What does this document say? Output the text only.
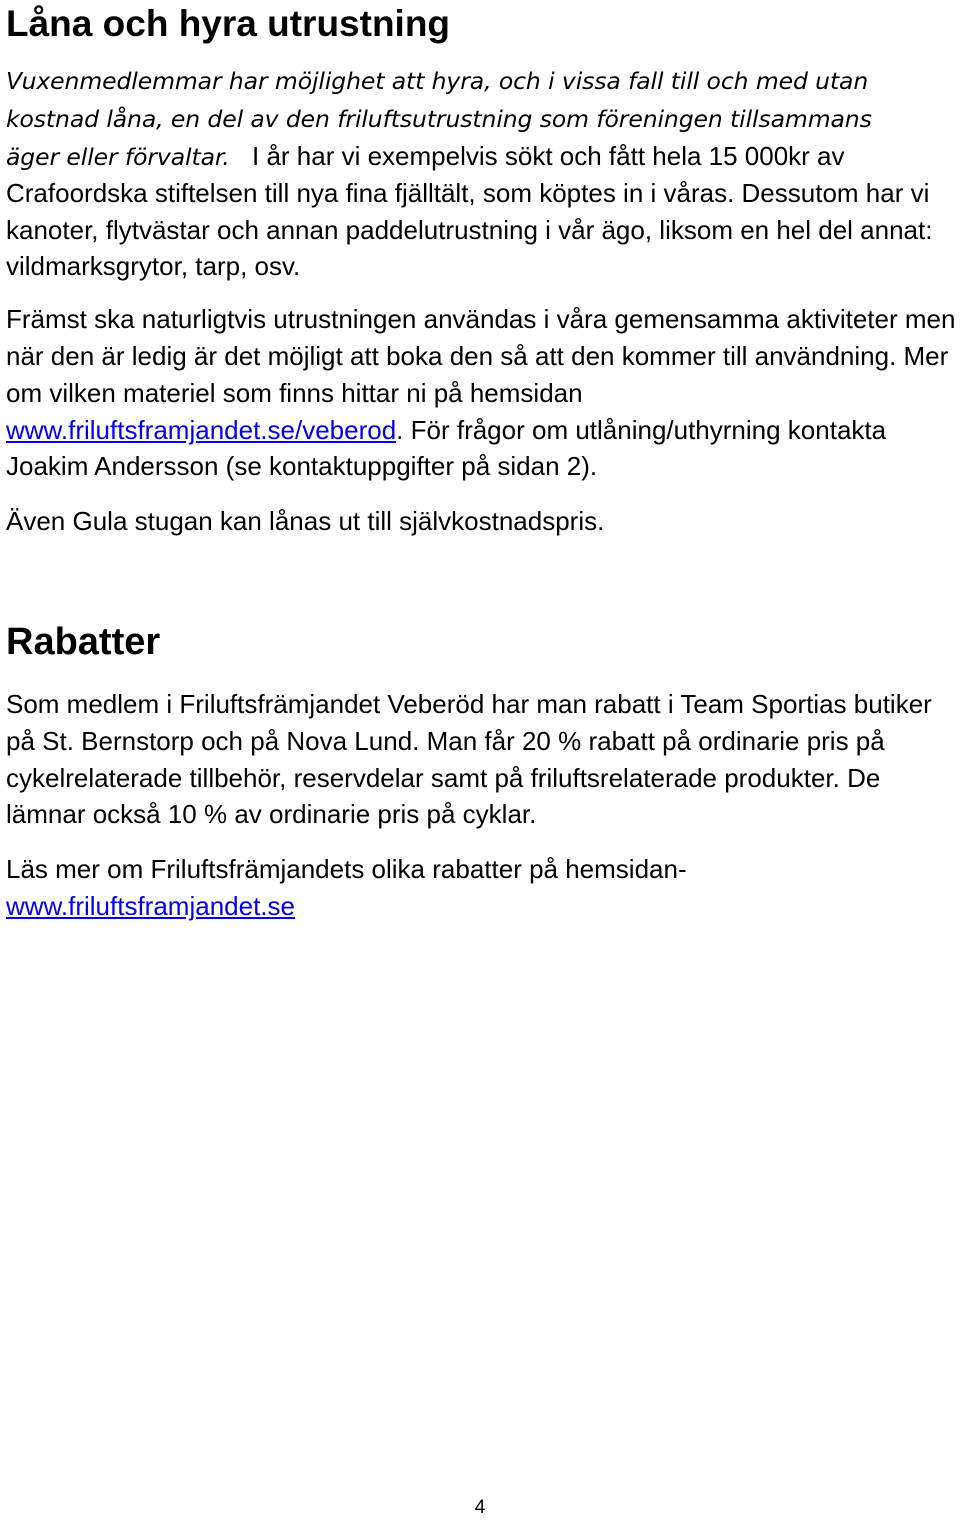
Låna och hyra utrustning
Vuxenmedlemmar har möjlighet att hyra, och i vissa fall till och med utan
kostnad låna, en del av den friluftsutrustning som föreningen tillsammans
äger eller förvaltar. I år har vi exempelvis sökt och fått hela 15 000kr av Crafoordska stiftelsen till nya fina fjälltält, som köptes in i våras. Dessutom har vi kanoter, flytvästar och annan paddelutrustning i vår ägo, liksom en hel del annat: vildmarksgrytor, tarp, osv.

Främst ska naturligtvis utrustningen användas i våra gemensamma aktiviteter men när den är ledig är det möjligt att boka den så att den kommer till användning. Mer om vilken materiel som finns hittar ni på hemsidan www.friluftsframjandet.se/veberod. För frågor om utlåning/uthyrning kontakta Joakim Andersson (se kontaktuppgifter på sidan 2).

Även Gula stugan kan lånas ut till självkostnadspris.

Rabatter

Som medlem i Friluftsfrämjandet Veberöd har man rabatt i Team Sportias butiker på St. Bernstorp och på Nova Lund. Man får 20 % rabatt på ordinarie pris på cykelrelaterade tillbehör, reservdelar samt på friluftsrelaterade produkter. De lämnar också 10 % av ordinarie pris på cyklar.

Läs mer om Friluftsfrämjandets olika rabatter på hemsidan-
www.friluftsframjandet.se

4
